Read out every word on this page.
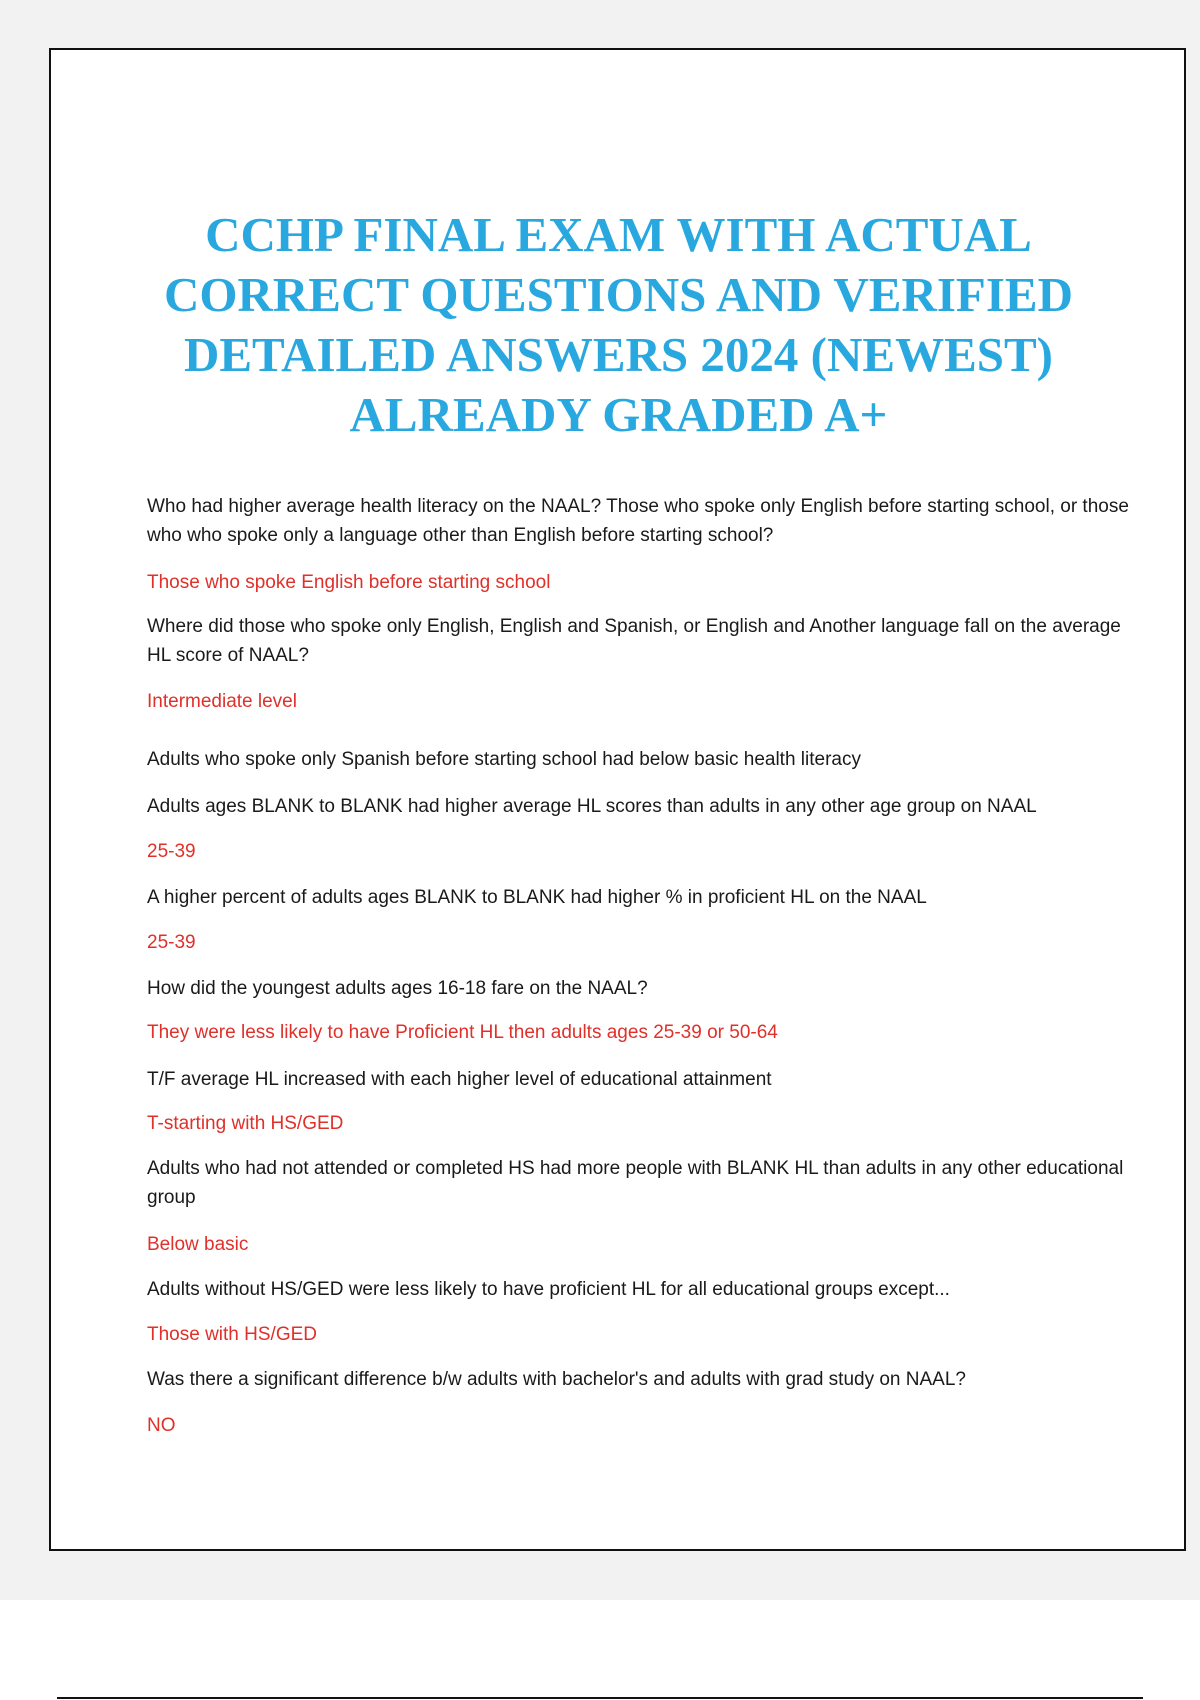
CCHP FINAL EXAM WITH ACTUAL
CORRECT QUESTIONS AND VERIFIED
DETAILED ANSWERS 2024 (NEWEST)
ALREADY GRADED A+

Who had higher average health literacy on the NAAL? Those who spoke only English before starting school, or those who who spoke only a language other than English before starting school?

Those who spoke English before starting school

Where did those who spoke only English, English and Spanish, or English and Another language fall on the average HL score of NAAL?

Intermediate level

Adults who spoke only Spanish before starting school had below basic health literacy

Adults ages BLANK to BLANK had higher average HL scores than adults in any other age group on NAAL

25-39

A higher percent of adults ages BLANK to BLANK had higher % in proficient HL on the NAAL

25-39

How did the youngest adults ages 16-18 fare on the NAAL?

They were less likely to have Proficient HL then adults ages 25-39 or 50-64

T/F average HL increased with each higher level of educational attainment

T-starting with HS/GED

Adults who had not attended or completed HS had more people with BLANK HL than adults in any other educational group

Below basic

Adults without HS/GED were less likely to have proficient HL for all educational groups except...

Those with HS/GED

Was there a significant difference b/w adults with bachelor's and adults with grad study on NAAL?

NO
